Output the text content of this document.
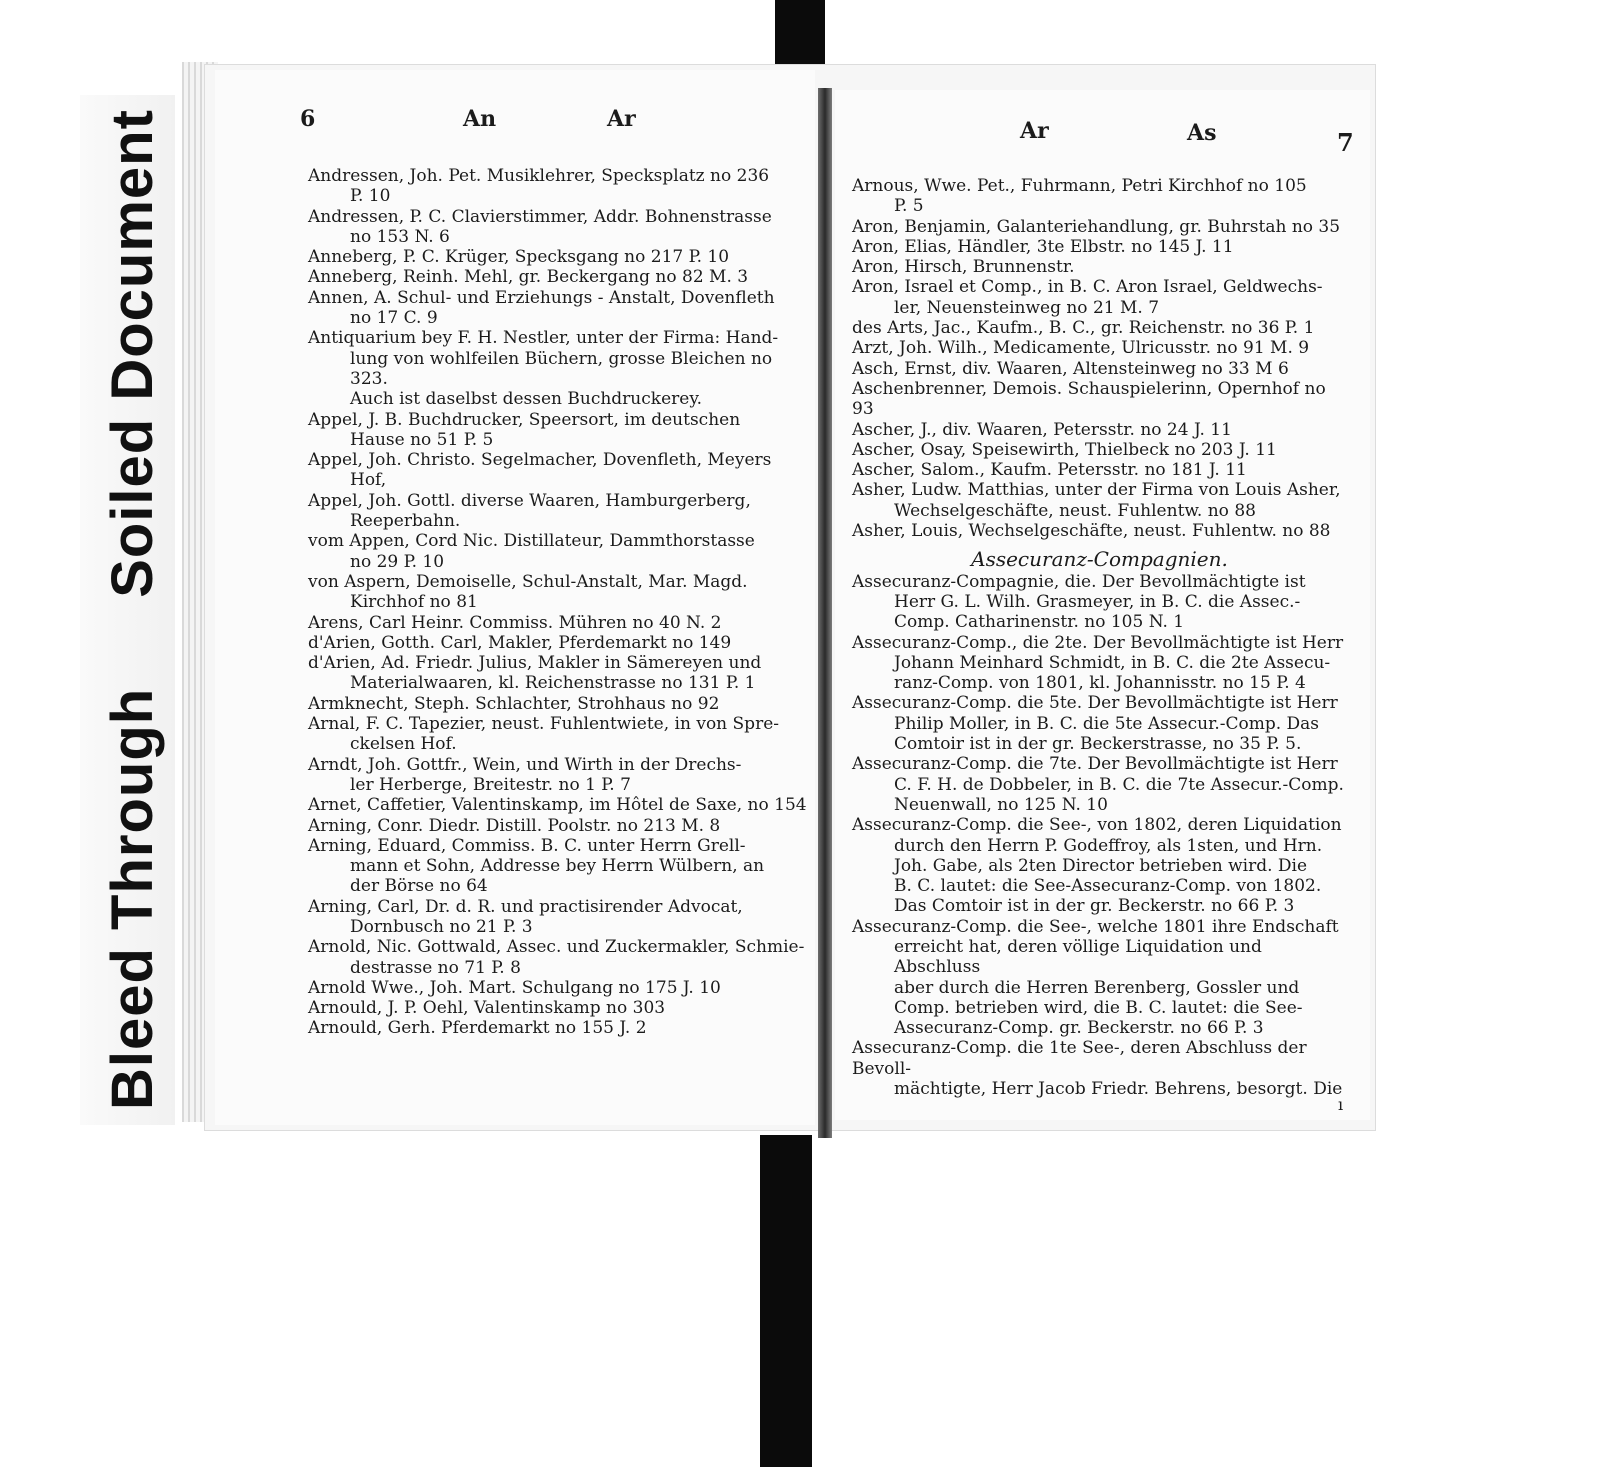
Bleed ThroughSoiled Document	6	An	Ar	Ar	As	7
Andressen, Joh. Pet. Musiklehrer, Specksplatz no 236
P. 10
Andressen, P. C. Clavierstimmer, Addr. Bohnenstrasse
no 153 N. 6
Anneberg, P. C. Krüger, Specksgang no 217 P. 10
Anneberg, Reinh. Mehl, gr. Beckergang no 82 M. 3
Annen, A. Schul- und Erziehungs - Anstalt, Dovenfleth
no 17 C. 9
Antiquarium bey F. H. Nestler, unter der Firma: Hand-
lung von wohlfeilen Büchern, grosse Bleichen no 323.
Auch ist daselbst dessen Buchdruckerey.
Appel, J. B. Buchdrucker, Speersort, im deutschen
Hause no 51 P. 5
Appel, Joh. Christo. Segelmacher, Dovenfleth, Meyers
Hof,
Appel, Joh. Gottl. diverse Waaren, Hamburgerberg,
Reeperbahn.
vom Appen, Cord Nic. Distillateur, Dammthorstasse
no 29 P. 10
von Aspern, Demoiselle, Schul-Anstalt, Mar. Magd.
Kirchhof no 81
Arens, Carl Heinr. Commiss. Mühren no 40 N. 2
d'Arien, Gotth. Carl, Makler, Pferdemarkt no 149
d'Arien, Ad. Friedr. Julius, Makler in Sämereyen und
Materialwaaren, kl. Reichenstrasse no 131 P. 1
Armknecht, Steph. Schlachter, Strohhaus no 92
Arnal, F. C. Tapezier, neust. Fuhlentwiete, in von Spre-
ckelsen Hof.
Arndt, Joh. Gottfr., Wein, und Wirth in der Drechs-
ler Herberge, Breitestr. no 1 P. 7
Arnet, Caffetier, Valentinskamp, im Hôtel de Saxe, no 154
Arning, Conr. Diedr. Distill. Poolstr. no 213 M. 8
Arning, Eduard, Commiss. B. C. unter Herrn Grell-
mann et Sohn, Addresse bey Herrn Wülbern, an
der Börse no 64
Arning, Carl, Dr. d. R. und practisirender Advocat,
Dornbusch no 21 P. 3
Arnold, Nic. Gottwald, Assec. und Zuckermakler, Schmie-
destrasse no 71 P. 8
Arnold Wwe., Joh. Mart. Schulgang no 175 J. 10
Arnould, J. P. Oehl, Valentinskamp no 303
Arnould, Gerh. Pferdemarkt no 155 J. 2
Arnous, Wwe. Pet., Fuhrmann, Petri Kirchhof no 105
P. 5
Aron, Benjamin, Galanteriehandlung, gr. Buhrstah no 35
Aron, Elias, Händler, 3te Elbstr. no 145 J. 11
Aron, Hirsch, Brunnenstr.
Aron, Israel et Comp., in B. C. Aron Israel, Geldwechs-
ler, Neuensteinweg no 21 M. 7
des Arts, Jac., Kaufm., B. C., gr. Reichenstr. no 36 P. 1
Arzt, Joh. Wilh., Medicamente, Ulricusstr. no 91 M. 9
Asch, Ernst, div. Waaren, Altensteinweg no 33 M 6
Aschenbrenner, Demois. Schauspielerinn, Opernhof no 93
Ascher, J., div. Waaren, Petersstr. no 24 J. 11
Ascher, Osay, Speisewirth, Thielbeck no 203 J. 11
Ascher, Salom., Kaufm. Petersstr. no 181 J. 11
Asher, Ludw. Matthias, unter der Firma von Louis Asher,
Wechselgeschäfte, neust. Fuhlentw. no 88
Asher, Louis, Wechselgeschäfte, neust. Fuhlentw. no 88
Assecuranz-Compagnien.
Assecuranz-Compagnie, die. Der Bevollmächtigte ist
Herr G. L. Wilh. Grasmeyer, in B. C. die Assec.-
Comp. Catharinenstr. no 105 N. 1
Assecuranz-Comp., die 2te. Der Bevollmächtigte ist Herr
Johann Meinhard Schmidt, in B. C. die 2te Assecu-
ranz-Comp. von 1801, kl. Johannisstr. no 15 P. 4
Assecuranz-Comp. die 5te. Der Bevollmächtigte ist Herr
Philip Moller, in B. C. die 5te Assecur.-Comp. Das
Comtoir ist in der gr. Beckerstrasse, no 35 P. 5.
Assecuranz-Comp. die 7te. Der Bevollmächtigte ist Herr
C. F. H. de Dobbeler, in B. C. die 7te Assecur.-Comp.
Neuenwall, no 125 N. 10
Assecuranz-Comp. die See-, von 1802, deren Liquidation
durch den Herrn P. Godeffroy, als 1sten, und Hrn.
Joh. Gabe, als 2ten Director betrieben wird. Die
B. C. lautet: die See-Assecuranz-Comp. von 1802.
Das Comtoir ist in der gr. Beckerstr. no 66 P. 3
Assecuranz-Comp. die See-, welche 1801 ihre Endschaft
erreicht hat, deren völlige Liquidation und Abschluss
aber durch die Herren Berenberg, Gossler und
Comp. betrieben wird, die B. C. lautet: die See-
Assecuranz-Comp. gr. Beckerstr. no 66 P. 3
Assecuranz-Comp. die 1te See-, deren Abschluss der Bevoll-
mächtigte, Herr Jacob Friedr. Behrens, besorgt. Die
ı
